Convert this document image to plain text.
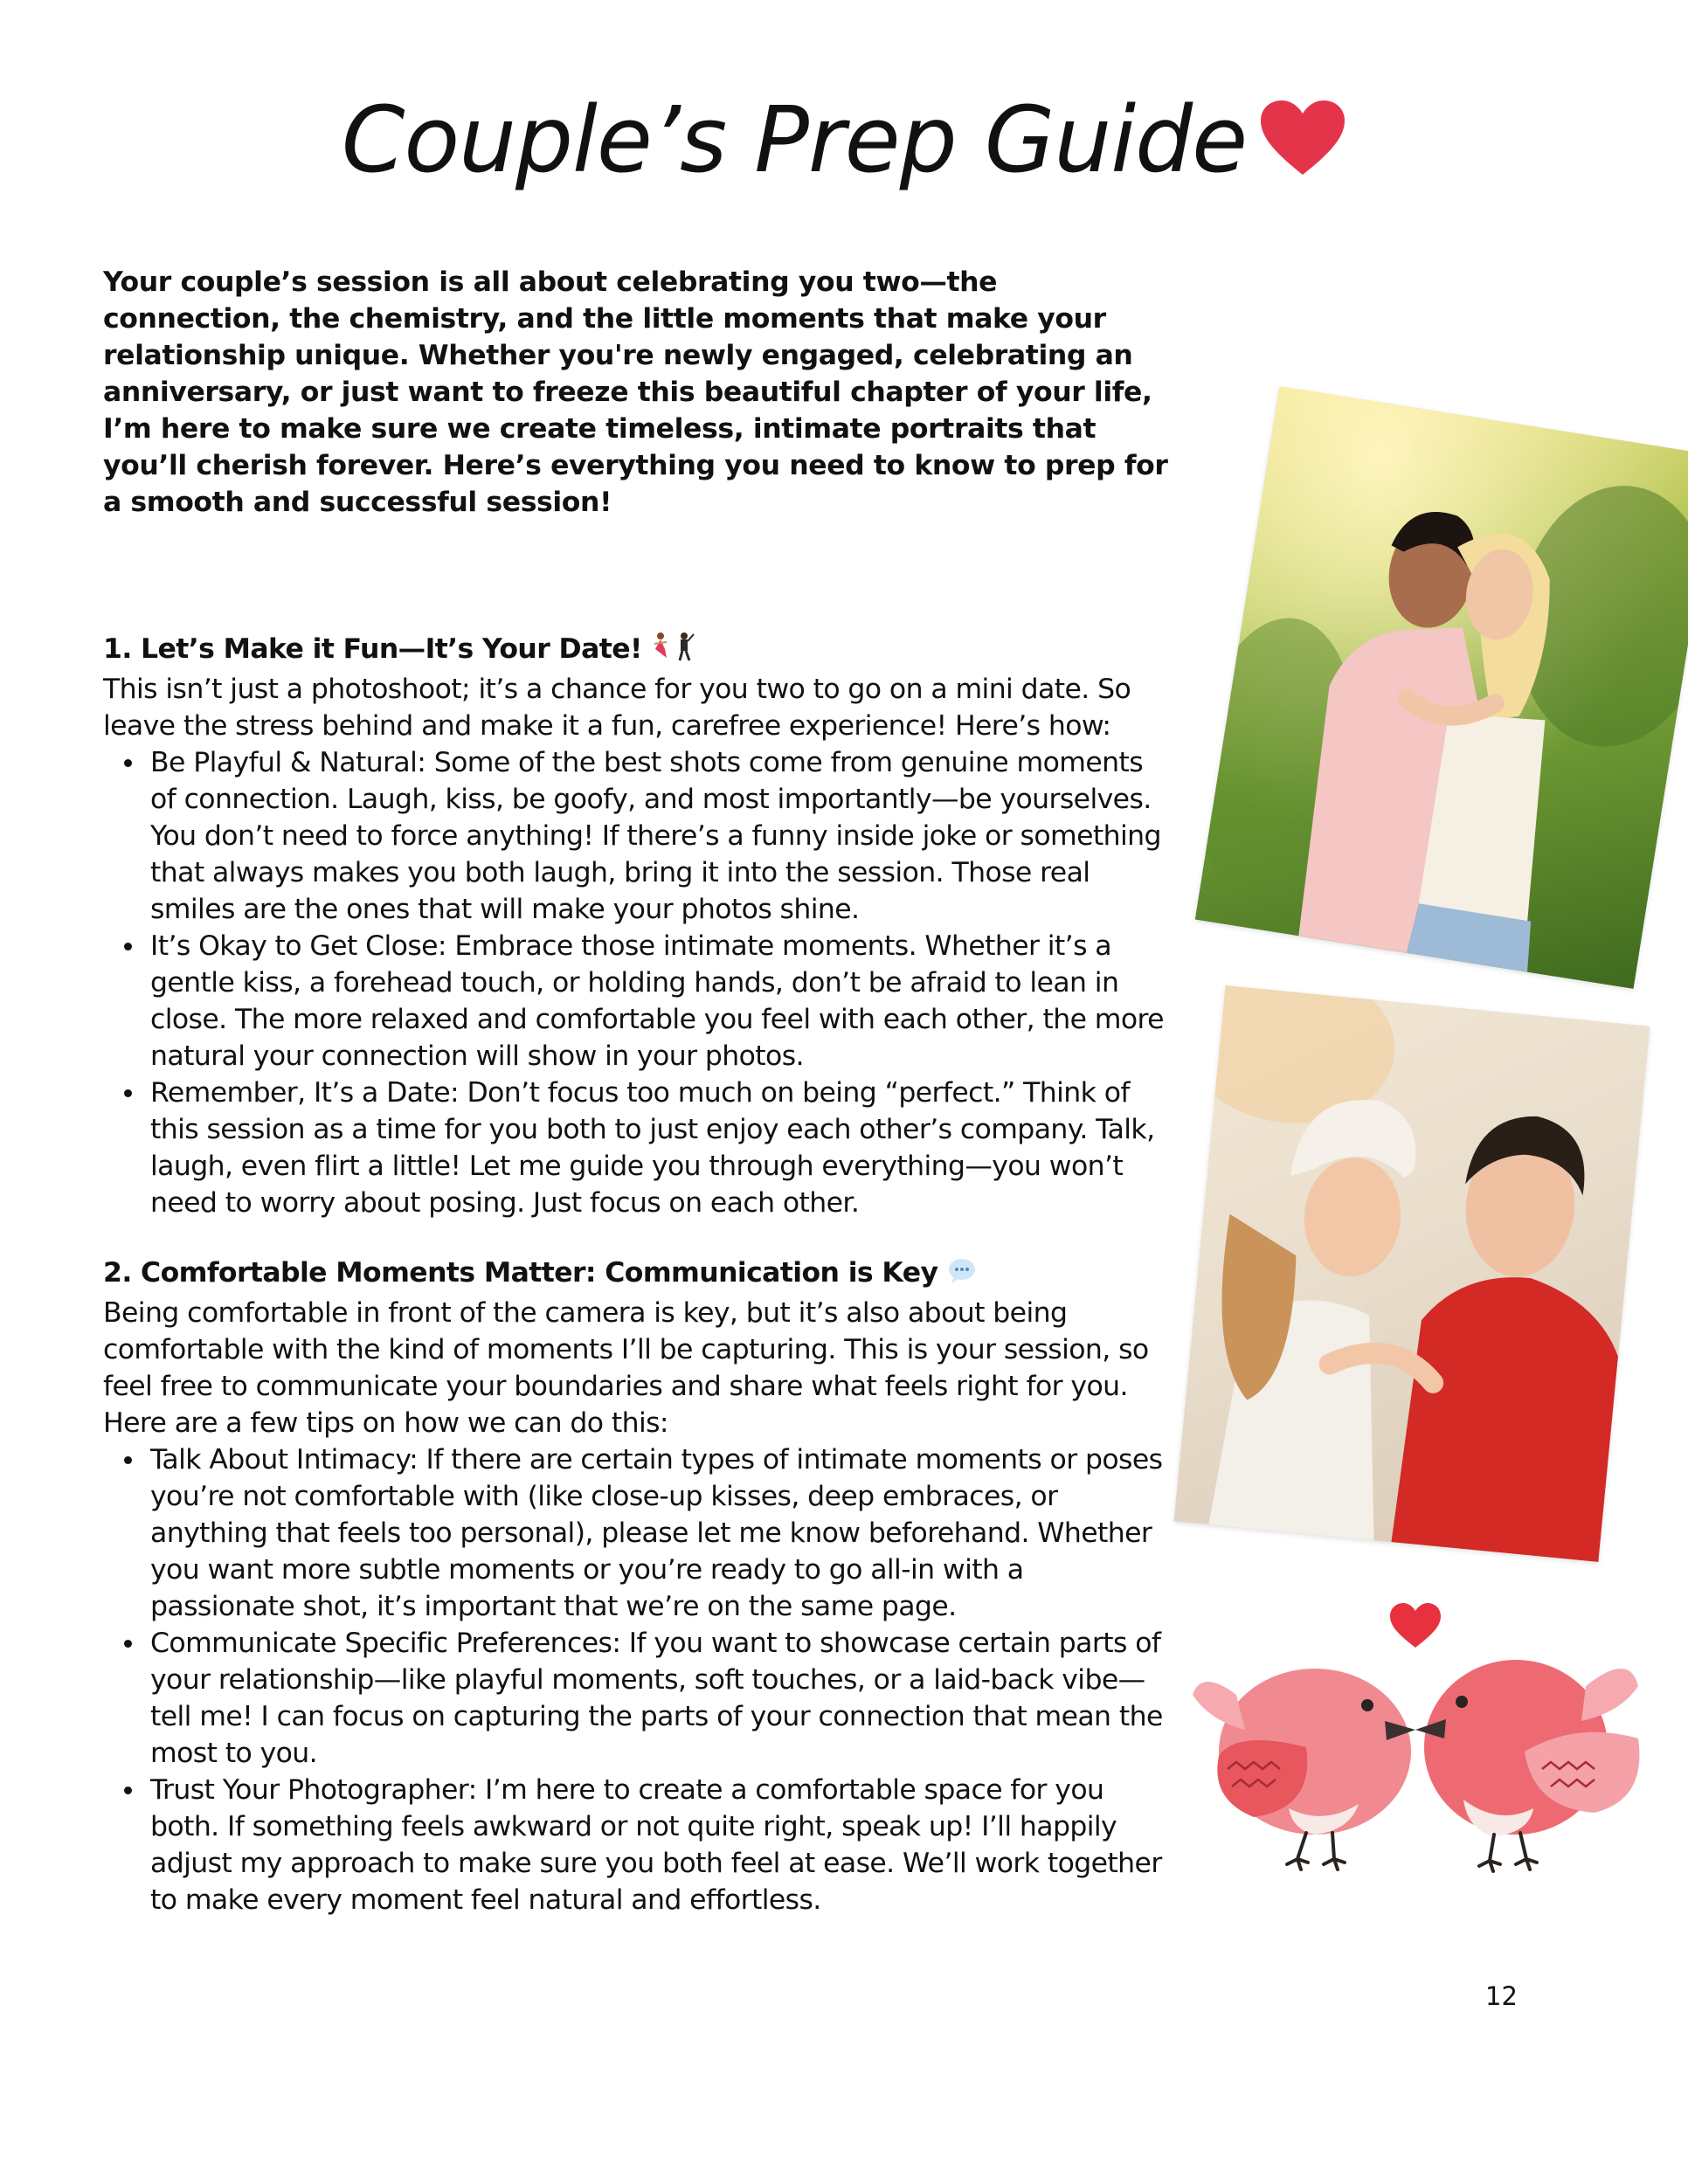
Couple’s Prep Guide
Your couple’s session is all about celebrating you two—the connection, the chemistry, and the little moments that make your relationship unique. Whether you're newly engaged, celebrating an anniversary, or just want to freeze this beautiful chapter of your life, I’m here to make sure we create timeless, intimate portraits that you’ll cherish forever. Here’s everything you need to know to prep for a smooth and successful session!

1. Let’s Make it Fun—It’s Your Date!

This isn’t just a photoshoot; it’s a chance for you two to go on a mini date. So leave the stress behind and make it a fun, carefree experience! Here’s how:

Be Playful & Natural: Some of the best shots come from genuine moments of connection. Laugh, kiss, be goofy, and most importantly—be yourselves. You don’t need to force anything! If there’s a funny inside joke or something that always makes you both laugh, bring it into the session. Those real smiles are the ones that will make your photos shine.
It’s Okay to Get Close: Embrace those intimate moments. Whether it’s a gentle kiss, a forehead touch, or holding hands, don’t be afraid to lean in close. The more relaxed and comfortable you feel with each other, the more natural your connection will show in your photos.
Remember, It’s a Date: Don’t focus too much on being “perfect.” Think of this session as a time for you both to just enjoy each other’s company. Talk, laugh, even flirt a little! Let me guide you through everything—you won’t need to worry about posing. Just focus on each other.

2. Comfortable Moments Matter: Communication is Key

Being comfortable in front of the camera is key, but it’s also about being comfortable with the kind of moments I’ll be capturing. This is your session, so feel free to communicate your boundaries and share what feels right for you. Here are a few tips on how we can do this:

Talk About Intimacy: If there are certain types of intimate moments or poses you’re not comfortable with (like close-up kisses, deep embraces, or anything that feels too personal), please let me know beforehand. Whether you want more subtle moments or you’re ready to go all-in with a passionate shot, it’s important that we’re on the same page.
Communicate Specific Preferences: If you want to showcase certain parts of your relationship—like playful moments, soft touches, or a laid-back vibe—tell me! I can focus on capturing the parts of your connection that mean the most to you.
Trust Your Photographer: I’m here to create a comfortable space for you both. If something feels awkward or not quite right, speak up! I’ll happily adjust my approach to make sure you both feel at ease. We’ll work together to make every moment feel natural and effortless.
12
